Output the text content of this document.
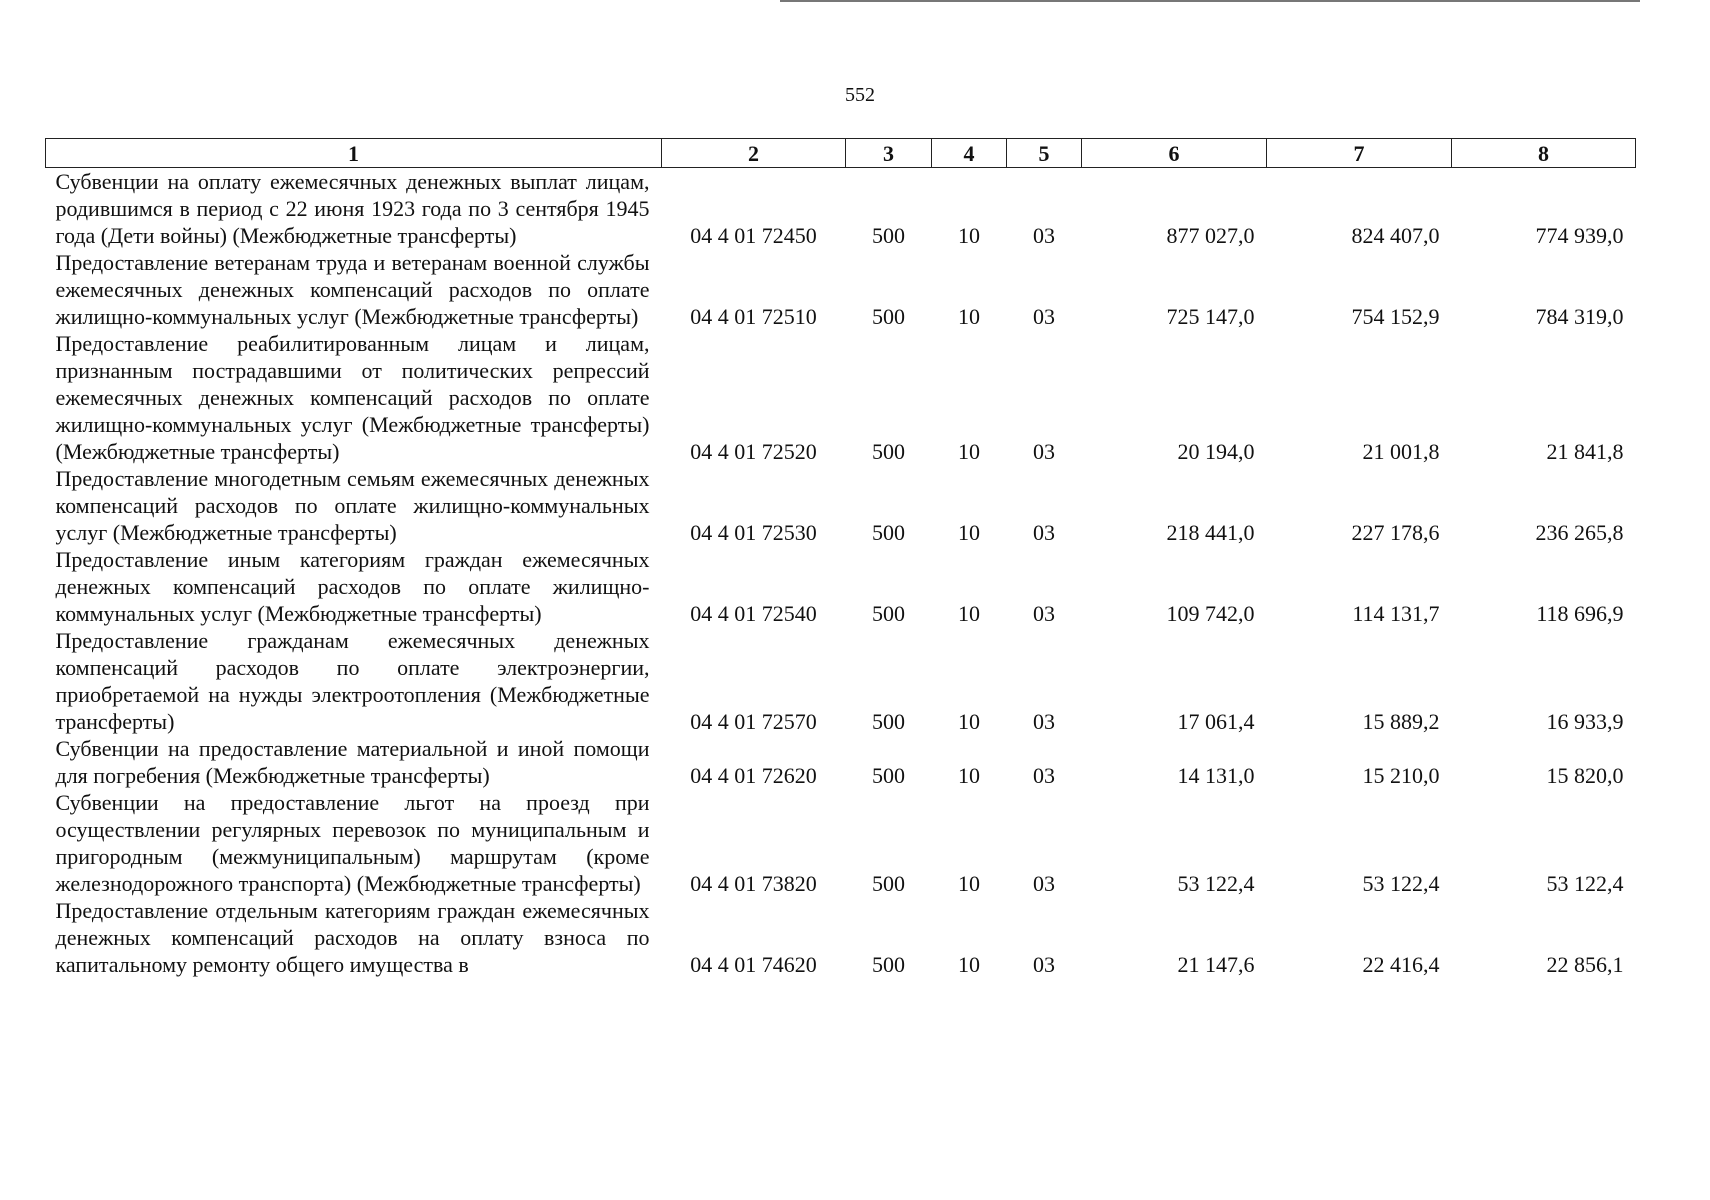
552
1	2	3	4	5	6	7	8
Субвенции на оплату ежемесячных денежных выплат лицам, родившимся в период с 22 июня 1923 года по 3 сентября 1945 года (Дети войны) (Межбюджетные трансферты)	04 4 01 72450	500	10	03	877 027,0	824 407,0	774 939,0
Предоставление ветеранам труда и ветеранам военной службы ежемесячных денежных компенсаций расходов по оплате жилищно-коммунальных услуг (Межбюджетные трансферты)	04 4 01 72510	500	10	03	725 147,0	754 152,9	784 319,0
Предоставление реабилитированным лицам и лицам, признанным пострадавшими от политических репрессий ежемесячных денежных компенсаций расходов по оплате жилищно-коммунальных услуг (Межбюджетные трансферты) (Межбюджетные трансферты)	04 4 01 72520	500	10	03	20 194,0	21 001,8	21 841,8
Предоставление многодетным семьям ежемесячных денежных компенсаций расходов по оплате жилищно-коммунальных услуг (Межбюджетные трансферты)	04 4 01 72530	500	10	03	218 441,0	227 178,6	236 265,8
Предоставление иным категориям граждан ежемесячных денежных компенсаций расходов по оплате жилищно-коммунальных услуг (Межбюджетные трансферты)	04 4 01 72540	500	10	03	109 742,0	114 131,7	118 696,9
Предоставление гражданам ежемесячных денежных компенсаций расходов по оплате электроэнергии, приобретаемой на нужды электроотопления (Межбюджетные трансферты)	04 4 01 72570	500	10	03	17 061,4	15 889,2	16 933,9
Субвенции на предоставление материальной и иной помощи для погребения (Межбюджетные трансферты)	04 4 01 72620	500	10	03	14 131,0	15 210,0	15 820,0
Субвенции на предоставление льгот на проезд при осуществлении регулярных перевозок по муниципальным и пригородным (межмуниципальным) маршрутам (кроме железнодорожного транспорта) (Межбюджетные трансферты)	04 4 01 73820	500	10	03	53 122,4	53 122,4	53 122,4
Предоставление отдельным категориям граждан ежемесячных денежных компенсаций расходов на оплату взноса по капитальному ремонту общего имущества в	04 4 01 74620	500	10	03	21 147,6	22 416,4	22 856,1
